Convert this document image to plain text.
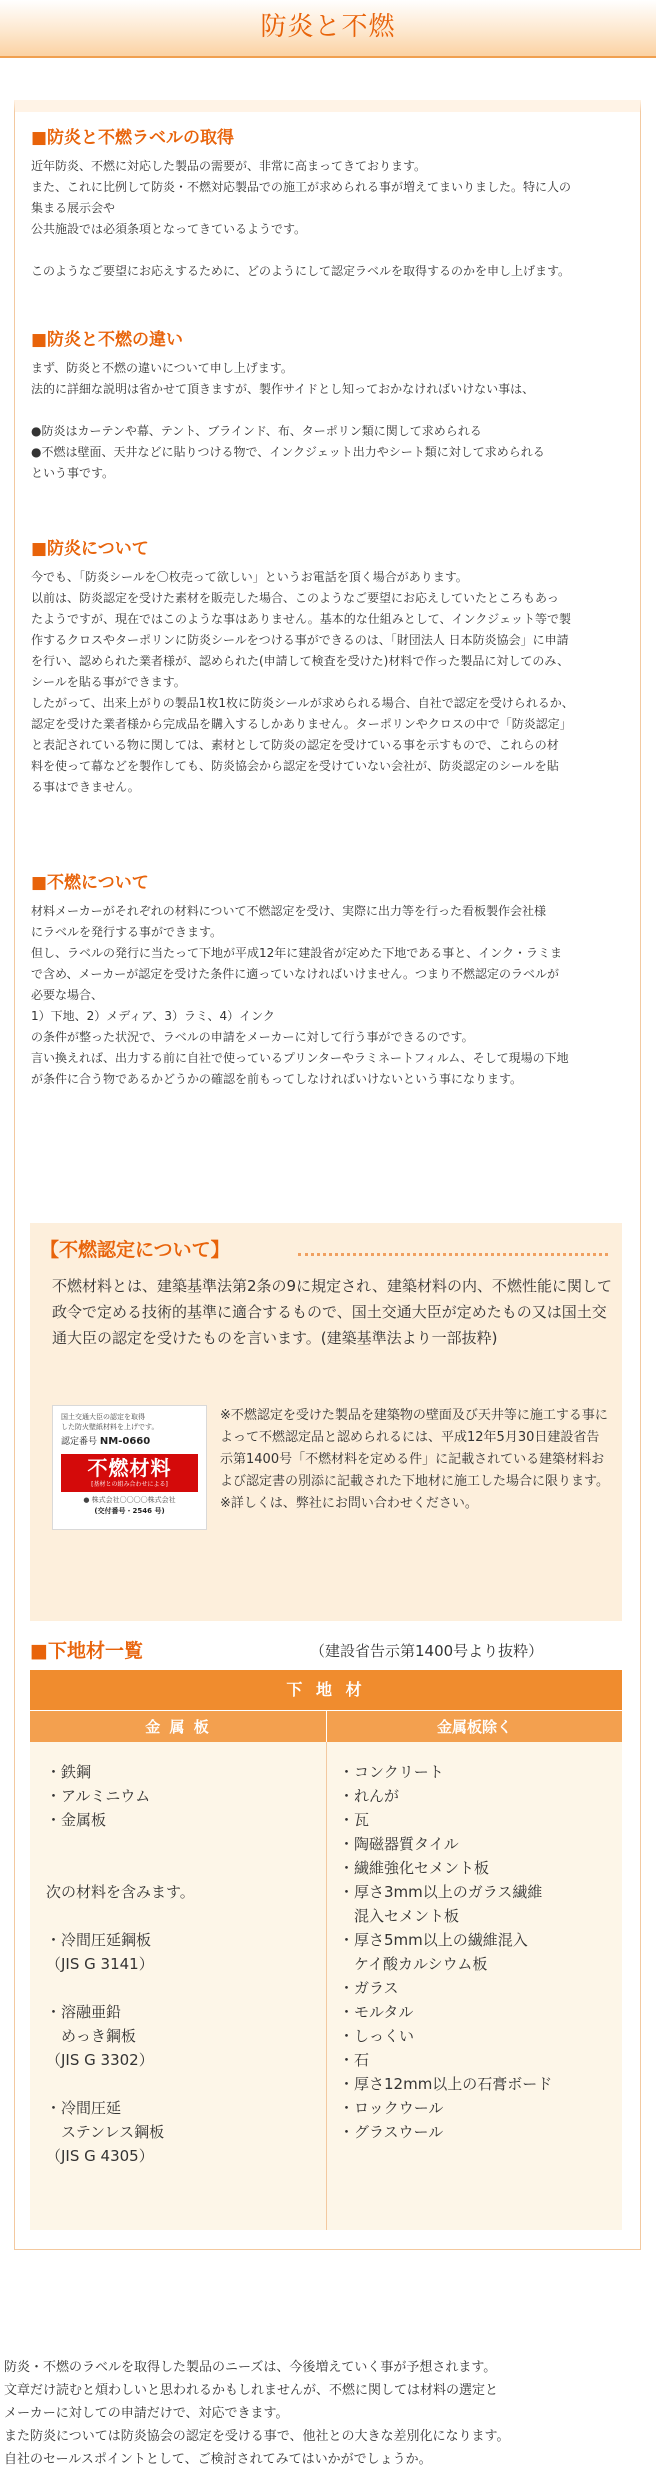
防炎と不燃
■防炎と不燃ラベルの取得

近年防炎、不燃に対応した製品の需要が、非常に高まってきております。
また、これに比例して防炎・不燃対応製品での施工が求められる事が増えてまいりました。特に人の
集まる展示会や
公共施設では必須条項となってきているようです。

このようなご要望にお応えするために、どのようにして認定ラベルを取得するのかを申し上げます。

■防炎と不燃の違い

まず、防炎と不燃の違いについて申し上げます。
法的に詳細な説明は省かせて頂きますが、製作サイドとし知っておかなければいけない事は、

●防炎はカーテンや幕、テント、ブラインド、布、ターポリン類に関して求められる
●不燃は壁面、天井などに貼りつける物で、インクジェット出力やシート類に対して求められる
という事です。

■防炎について

今でも、「防炎シールを〇枚売って欲しい」というお電話を頂く場合があります。
以前は、防炎認定を受けた素材を販売した場合、このようなご要望にお応えしていたところもあっ
たようですが、現在ではこのような事はありません。基本的な仕組みとして、インクジェット等で製
作するクロスやターポリンに防炎シールをつける事ができるのは、「財団法人 日本防炎協会」に申請
を行い、認められた業者様が、認められた(申請して検査を受けた)材料で作った製品に対してのみ、
シールを貼る事ができます。
したがって、出来上がりの製品1枚1枚に防炎シールが求められる場合、自社で認定を受けられるか、
認定を受けた業者様から完成品を購入するしかありません。ターポリンやクロスの中で「防炎認定」
と表記されている物に関しては、素材として防炎の認定を受けている事を示すもので、これらの材
料を使って幕などを製作しても、防炎協会から認定を受けていない会社が、防炎認定のシールを貼
る事はできません。

■不燃について

材料メーカーがそれぞれの材料について不燃認定を受け、実際に出力等を行った看板製作会社様
にラベルを発行する事ができます。
但し、ラベルの発行に当たって下地が平成12年に建設省が定めた下地である事と、インク・ラミま
で含め、メーカーが認定を受けた条件に適っていなければいけません。つまり不燃認定のラベルが
必要な場合、
1）下地、2）メディア、3）ラミ、4）インク
の条件が整った状況で、ラベルの申請をメーカーに対して行う事ができるのです。
言い換えれば、出力する前に自社で使っているプリンターやラミネートフィルム、そして現場の下地
が条件に合う物であるかどうかの確認を前もってしなければいけないという事になります。

【不燃認定について】

不燃材料とは、建築基準法第2条の9に規定され、建築材料の内、不燃性能に関して政令で定める技術的基準に適合するもので、国土交通大臣が定めたもの又は国土交通大臣の認定を受けたものを言います。(建築基準法より一部抜粋)

国土交通大臣の認定を取得
した防火壁紙材料を上げです。
認定番号 NM-0660
不燃材料
[基材との組み合わせによる]
● 株式会社〇〇〇〇株式会社
(交付番号・2546 号)

※不燃認定を受けた製品を建築物の壁面及び天井等に施工する事によって不燃認定品と認められるには、平成12年5月30日建設省告示第1400号「不燃材料を定める件」に記載されている建築材料および認定書の別添に記載された下地材に施工した場合に限ります。

※詳しくは、弊社にお問い合わせください。

■下地材一覧	（建設省告示第1400号より抜粋）
下 地 材
金 属 板	金属板除く
・鉄鋼
・アルミニウム
・金属板
次の材料を含みます。
・冷間圧延鋼板
（JIS G 3141）
・溶融亜鉛
　めっき鋼板
（JIS G 3302）
・冷間圧延
　ステンレス鋼板
（JIS G 4305）
・コンクリート
・れんが
・瓦
・陶磁器質タイル
・繊維強化セメント板
・厚さ3mm以上のガラス繊維
　混入セメント板
・厚さ5mm以上の繊維混入
　ケイ酸カルシウム板
・ガラス
・モルタル
・しっくい
・石
・厚さ12mm以上の石膏ボード
・ロックウール
・グラスウール

防炎・不燃のラベルを取得した製品のニーズは、今後増えていく事が予想されます。
文章だけ読むと煩わしいと思われるかもしれませんが、不燃に関しては材料の選定と
メーカーに対しての申請だけで、対応できます。
また防炎については防炎協会の認定を受ける事で、他社との大きな差別化になります。
自社のセールスポイントとして、ご検討されてみてはいかがでしょうか。
